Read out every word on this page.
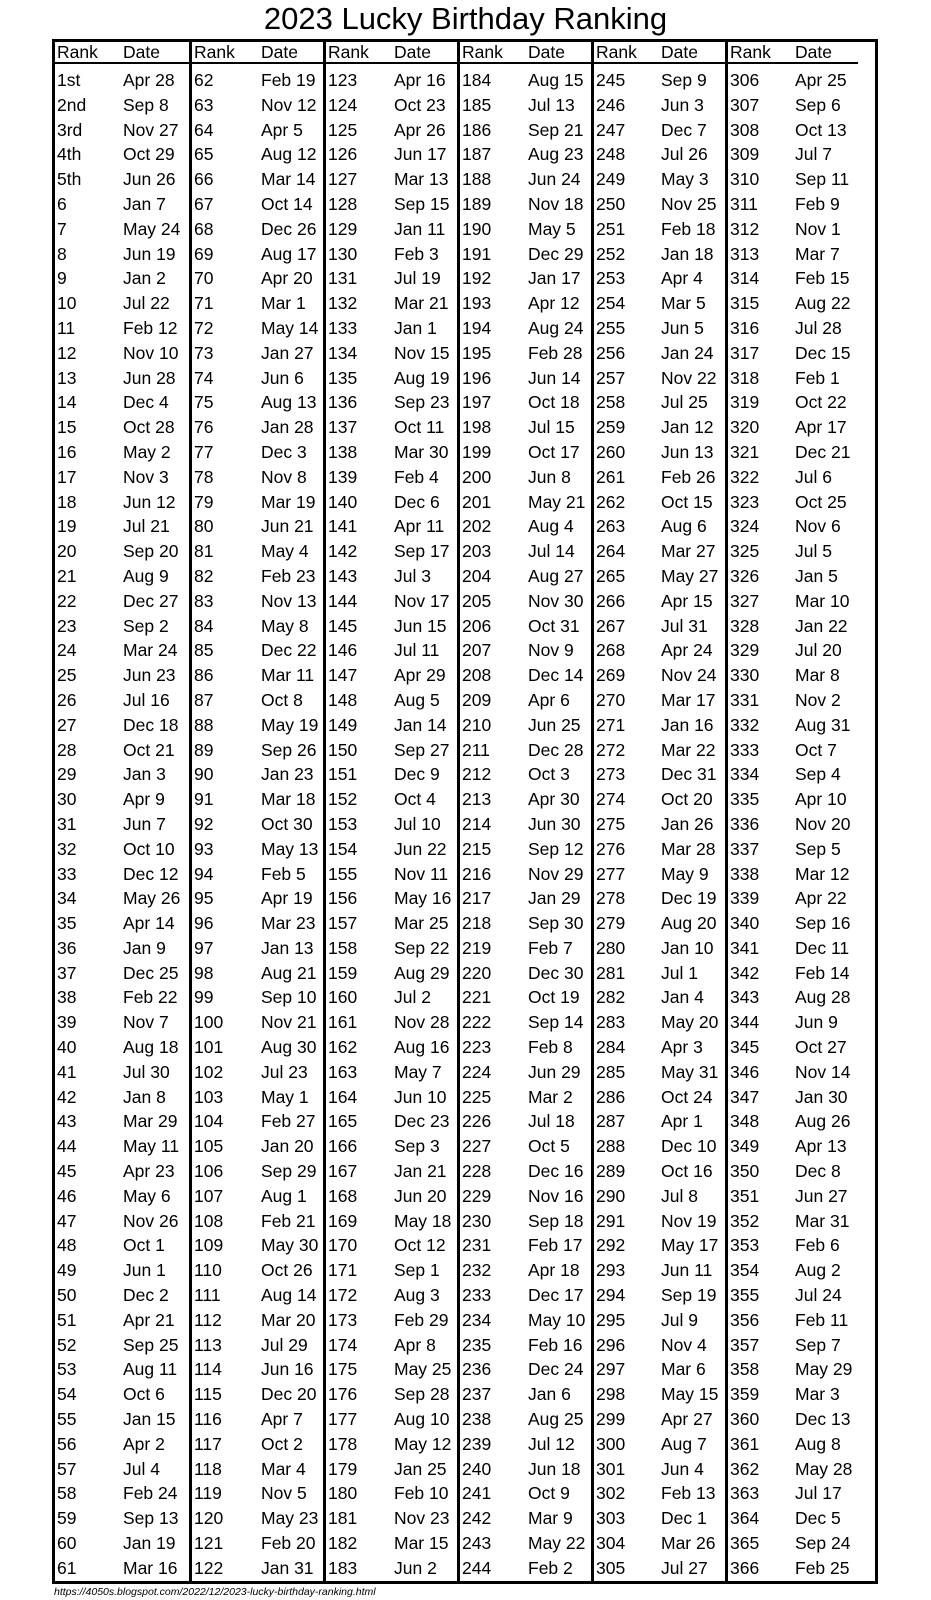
2023 Lucky Birthday Ranking
Rank Date
1st Apr 28
2nd Sep 8
3rd Nov 27
4th Oct 29
5th Jun 26
6	Jan 7
7	May 24
8	Jun 19
9	Jan 2
10	Jul 22
11	Feb 12
12	Nov 10
13	Jun 28
14	Dec 4
15	Oct 28
16	May 2
17	Nov 3
18	Jun 12
19	Jul 21
20	Sep 20
21	Aug 9
22	Dec 27
23	Sep 2
24	Mar 24
25	Jun 23
26	Jul 16
27	Dec 18
28	Oct 21
29	Jan 3
30	Apr 9
31	Jun 7
32	Oct 10
33	Dec 12
34	May 26
35	Apr 14
36	Jan 9
37	Dec 25
38	Feb 22
39	Nov 7
40	Aug 18
41	Jul 30
42	Jan 8
43	Mar 29
44	May 11
45	Apr 23
46	May 6
47	Nov 26
48	Oct 1
49	Jun 1
50	Dec 2
51	Apr 21
52	Sep 25
53	Aug 11
54	Oct 6
55	Jan 15
56	Apr 2
57	Jul 4
58	Feb 24
59	Sep 13
60	Jan 19
61	Mar 16
Rank Date
62	Feb 19
63	Nov 12
64	Apr 5
65	Aug 12
66	Mar 14
67	Oct 14
68	Dec 26
69	Aug 17
70	Apr 20
71	Mar 1
72	May 14
73	Jan 27
74	Jun 6
75	Aug 13
76	Jan 28
77	Dec 3
78	Nov 8
79	Mar 19
80	Jun 21
81	May 4
82	Feb 23
83	Nov 13
84	May 8
85	Dec 22
86	Mar 11
87	Oct 8
88	May 19
89	Sep 26
90	Jan 23
91	Mar 18
92	Oct 30
93	May 13
94	Feb 5
95	Apr 19
96	Mar 23
97	Jan 13
98	Aug 21
99	Sep 10
100 Nov 21
101 Aug 30
102 Jul 23
103 May 1
104 Feb 27
105 Jan 20
106 Sep 29
107 Aug 1
108 Feb 21
109 May 30
110 Oct 26
111 Aug 14
112 Mar 20
113 Jul 29
114 Jun 16
115 Dec 20
116 Apr 7
117 Oct 2
118 Mar 4
119 Nov 5
120 May 23
121 Feb 20
122 Jan 31
Rank Date
123 Apr 16
124 Oct 23
125 Apr 26
126 Jun 17
127 Mar 13
128 Sep 15
129 Jan 11
130 Feb 3
131 Jul 19
132 Mar 21
133 Jan 1
134 Nov 15
135 Aug 19
136 Sep 23
137 Oct 11
138 Mar 30
139 Feb 4
140 Dec 6
141 Apr 11
142 Sep 17
143 Jul 3
144 Nov 17
145 Jun 15
146 Jul 11
147 Apr 29
148 Aug 5
149 Jan 14
150 Sep 27
151 Dec 9
152 Oct 4
153 Jul 10
154 Jun 22
155 Nov 11
156 May 16
157 Mar 25
158 Sep 22
159 Aug 29
160 Jul 2
161 Nov 28
162 Aug 16
163 May 7
164 Jun 10
165 Dec 23
166 Sep 3
167 Jan 21
168 Jun 20
169 May 18
170 Oct 12
171 Sep 1
172 Aug 3
173 Feb 29
174 Apr 8
175 May 25
176 Sep 28
177 Aug 10
178 May 12
179 Jan 25
180 Feb 10
181 Nov 23
182 Mar 15
183 Jun 2
Rank Date
184 Aug 15
185 Jul 13
186 Sep 21
187 Aug 23
188 Jun 24
189 Nov 18
190 May 5
191 Dec 29
192 Jan 17
193 Apr 12
194 Aug 24
195 Feb 28
196 Jun 14
197 Oct 18
198 Jul 15
199 Oct 17
200 Jun 8
201 May 21
202 Aug 4
203 Jul 14
204 Aug 27
205 Nov 30
206 Oct 31
207 Nov 9
208 Dec 14
209 Apr 6
210 Jun 25
211 Dec 28
212 Oct 3
213 Apr 30
214 Jun 30
215 Sep 12
216 Nov 29
217 Jan 29
218 Sep 30
219 Feb 7
220 Dec 30
221 Oct 19
222 Sep 14
223 Feb 8
224 Jun 29
225 Mar 2
226 Jul 18
227 Oct 5
228 Dec 16
229 Nov 16
230 Sep 18
231 Feb 17
232 Apr 18
233 Dec 17
234 May 10
235 Feb 16
236 Dec 24
237 Jan 6
238 Aug 25
239 Jul 12
240 Jun 18
241 Oct 9
242 Mar 9
243 May 22
244 Feb 2
Rank Date
245 Sep 9
246 Jun 3
247 Dec 7
248 Jul 26
249 May 3
250 Nov 25
251 Feb 18
252 Jan 18
253 Apr 4
254 Mar 5
255 Jun 5
256 Jan 24
257 Nov 22
258 Jul 25
259 Jan 12
260 Jun 13
261 Feb 26
262 Oct 15
263 Aug 6
264 Mar 27
265 May 27
266 Apr 15
267 Jul 31
268 Apr 24
269 Nov 24
270 Mar 17
271 Jan 16
272 Mar 22
273 Dec 31
274 Oct 20
275 Jan 26
276 Mar 28
277 May 9
278 Dec 19
279 Aug 20
280 Jan 10
281 Jul 1
282 Jan 4
283 May 20
284 Apr 3
285 May 31
286 Oct 24
287 Apr 1
288 Dec 10
289 Oct 16
290 Jul 8
291 Nov 19
292 May 17
293 Jun 11
294 Sep 19
295 Jul 9
296 Nov 4
297 Mar 6
298 May 15
299 Apr 27
300 Aug 7
301 Jun 4
302 Feb 13
303 Dec 1
304 Mar 26
305 Jul 27
Rank Date
306 Apr 25
307 Sep 6
308 Oct 13
309 Jul 7
310 Sep 11
311 Feb 9
312 Nov 1
313 Mar 7
314 Feb 15
315 Aug 22
316 Jul 28
317 Dec 15
318 Feb 1
319 Oct 22
320 Apr 17
321 Dec 21
322 Jul 6
323 Oct 25
324 Nov 6
325 Jul 5
326 Jan 5
327 Mar 10
328 Jan 22
329 Jul 20
330 Mar 8
331 Nov 2
332 Aug 31
333 Oct 7
334 Sep 4
335 Apr 10
336 Nov 20
337 Sep 5
338 Mar 12
339 Apr 22
340 Sep 16
341 Dec 11
342 Feb 14
343 Aug 28
344 Jun 9
345 Oct 27
346 Nov 14
347 Jan 30
348 Aug 26
349 Apr 13
350 Dec 8
351 Jun 27
352 Mar 31
353 Feb 6
354 Aug 2
355 Jul 24
356 Feb 11
357 Sep 7
358 May 29
359 Mar 3
360 Dec 13
361 Aug 8
362 May 28
363 Jul 17
364 Dec 5
365 Sep 24
366 Feb 25
https://4050s.blogspot.com/2022/12/2023-lucky-birthday-ranking.html
